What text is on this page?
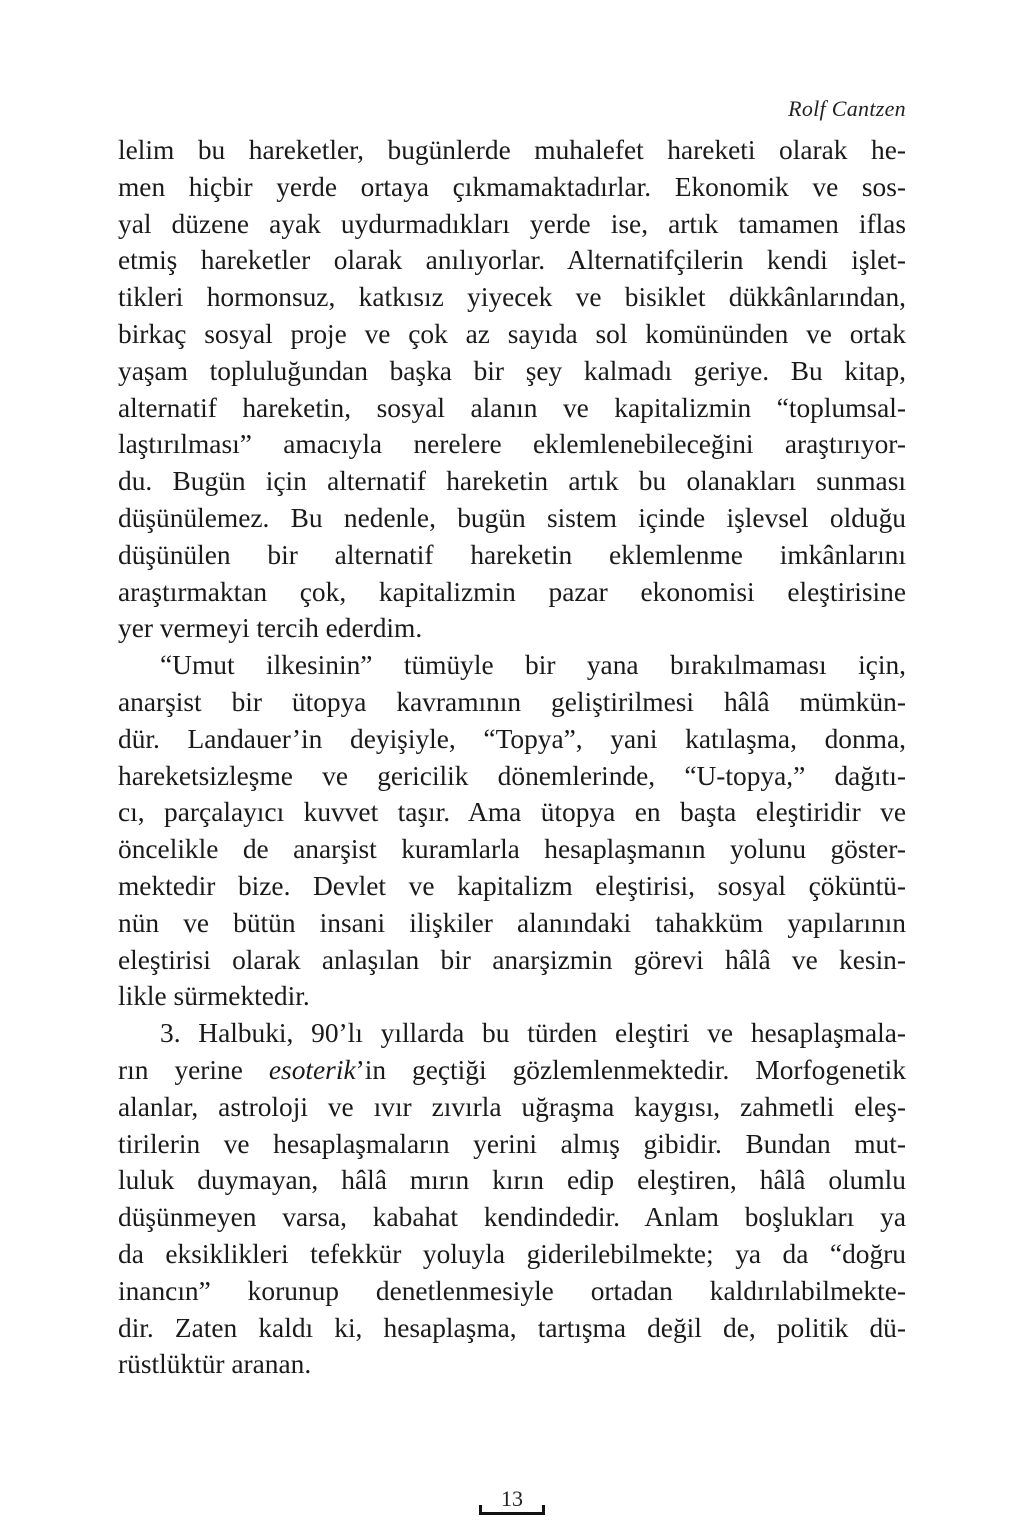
Rolf Cantzen
lelim bu hareketler, bugünlerde muhalefet hareketi olarak he-
men hiçbir yerde ortaya çıkmamaktadırlar. Ekonomik ve sos-
yal düzene ayak uydurmadıkları yerde ise, artık tamamen iflas
etmiş hareketler olarak anılıyorlar. Alternatifçilerin kendi işlet-
tikleri hormonsuz, katkısız yiyecek ve bisiklet dükkânlarından,
birkaç sosyal proje ve çok az sayıda sol komününden ve ortak
yaşam topluluğundan başka bir şey kalmadı geriye. Bu kitap,
alternatif hareketin, sosyal alanın ve kapitalizmin “toplumsal-
laştırılması” amacıyla nerelere eklemlenebileceğini araştırıyor-
du. Bugün için alternatif hareketin artık bu olanakları sunması
düşünülemez. Bu nedenle, bugün sistem içinde işlevsel olduğu
düşünülen bir alternatif hareketin eklemlenme imkânlarını
araştırmaktan çok, kapitalizmin pazar ekonomisi eleştirisine
yer vermeyi tercih ederdim.
“Umut ilkesinin” tümüyle bir yana bırakılmaması için,
anarşist bir ütopya kavramının geliştirilmesi hâlâ mümkün-
dür. Landauer’in deyişiyle, “Topya”, yani katılaşma, donma,
hareketsizleşme ve gericilik dönemlerinde, “U-topya,” dağıtı-
cı, parçalayıcı kuvvet taşır. Ama ütopya en başta eleştiridir ve
öncelikle de anarşist kuramlarla hesaplaşmanın yolunu göster-
mektedir bize. Devlet ve kapitalizm eleştirisi, sosyal çöküntü-
nün ve bütün insani ilişkiler alanındaki tahakküm yapılarının
eleştirisi olarak anlaşılan bir anarşizmin görevi hâlâ ve kesin-
likle sürmektedir.
3. Halbuki, 90’lı yıllarda bu türden eleştiri ve hesaplaşmala-
rın yerine esoterik’in geçtiği gözlemlenmektedir. Morfogenetik
alanlar, astroloji ve ıvır zıvırla uğraşma kaygısı, zahmetli eleş-
tirilerin ve hesaplaşmaların yerini almış gibidir. Bundan mut-
luluk duymayan, hâlâ mırın kırın edip eleştiren, hâlâ olumlu
düşünmeyen varsa, kabahat kendindedir. Anlam boşlukları ya
da eksiklikleri tefekkür yoluyla giderilebilmekte; ya da “doğru
inancın” korunup denetlenmesiyle ortadan kaldırılabilmekte-
dir. Zaten kaldı ki, hesaplaşma, tartışma değil de, politik dü-
rüstlüktür aranan.
13
